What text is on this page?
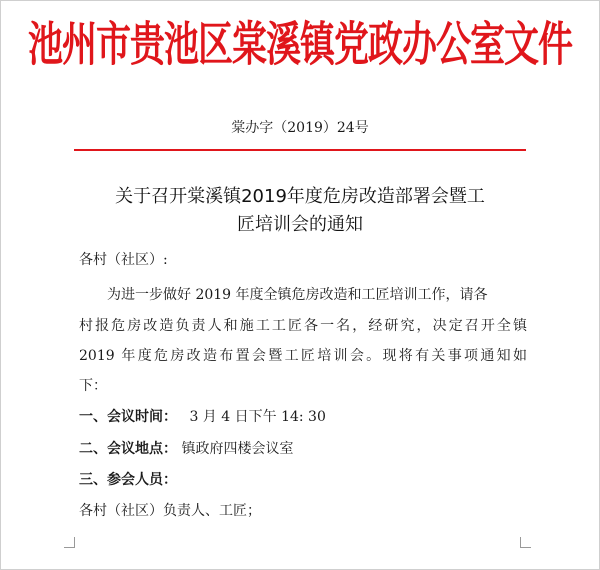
池州市贵池区棠溪镇党政办公室文件
棠办字（2019）24号
关于召开棠溪镇2019年度危房改造部署会暨工
匠培训会的通知
各村（社区）:
为进一步做好 2019 年度全镇危房改造和工匠培训工作，请各
村报危房改造负责人和施工工匠各一名，经研究，决定召开全镇
2019 年度危房改造布置会暨工匠培训会。现将有关事项通知如
下：
一、会议时间： 3 月 4 日下午 14: 30
二、会议地点： 镇政府四楼会议室
三、参会人员：
各村（社区）负责人、工匠；
